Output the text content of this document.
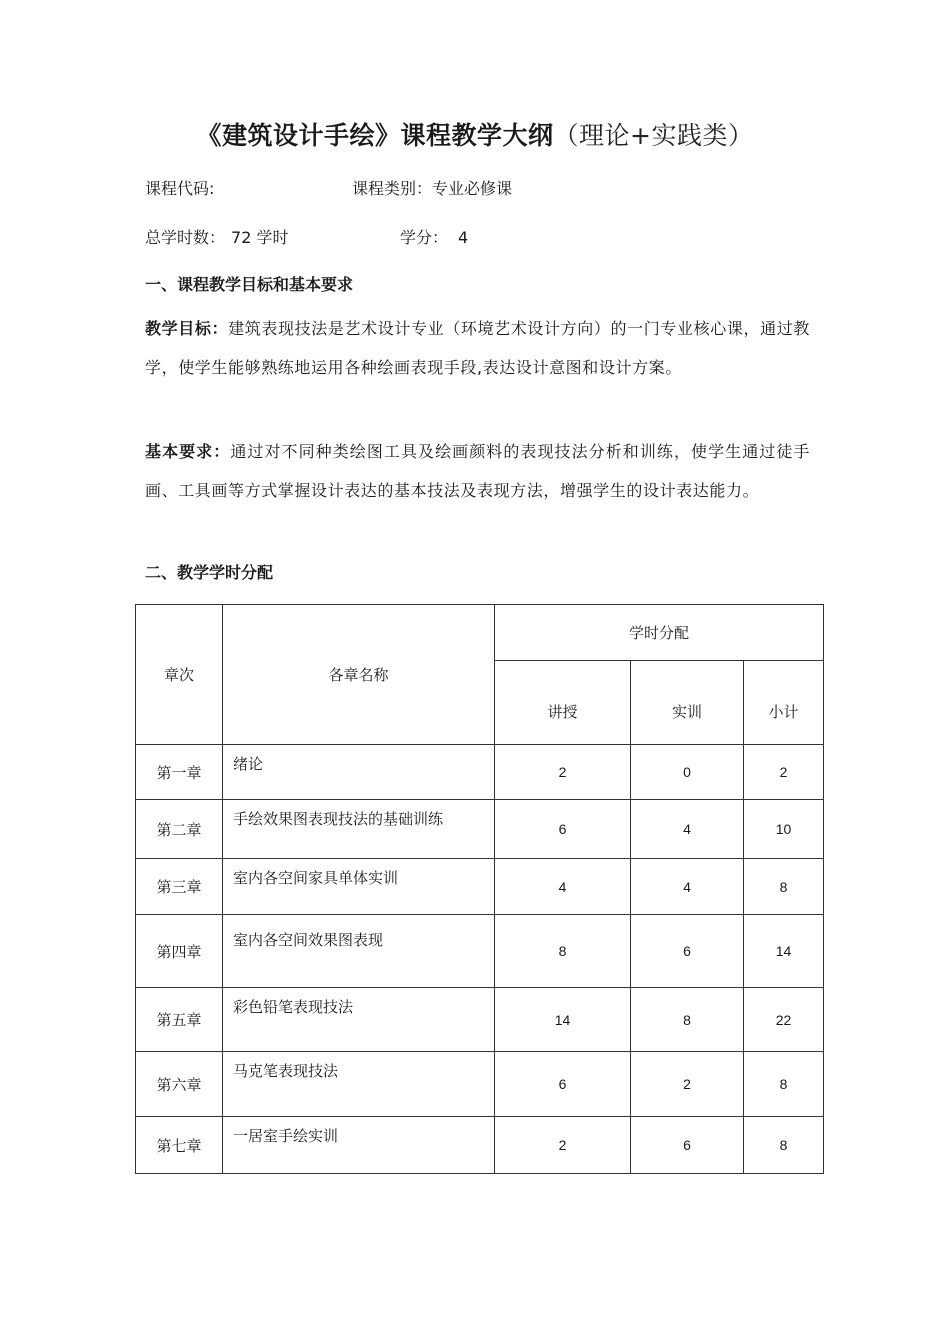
《建筑设计手绘》课程教学大纲（理论+实践类）
课程代码:	课程类别：专业必修课
总学时数： 72 学时	学分： 4
一、课程教学目标和基本要求
教学目标：建筑表现技法是艺术设计专业（环境艺术设计方向）的一门专业核心课，通过教学，使学生能够熟练地运用各种绘画表现手段,表达设计意图和设计方案。
基本要求：通过对不同种类绘图工具及绘画颜料的表现技法分析和训练，使学生通过徒手画、工具画等方式掌握设计表达的基本技法及表现方法，增强学生的设计表达能力。
二、教学学时分配
章次	各章名称	学时分配		
		讲授	实训	小计
第一章	绪论	2	0	2
第二章	手绘效果图表现技法的基础训练	6	4	10
第三章	室内各空间家具单体实训	4	4	8
第四章	室内各空间效果图表现	8	6	14
第五章	彩色铅笔表现技法	14	8	22
第六章	马克笔表现技法	6	2	8
第七章	一居室手绘实训	2	6	8
